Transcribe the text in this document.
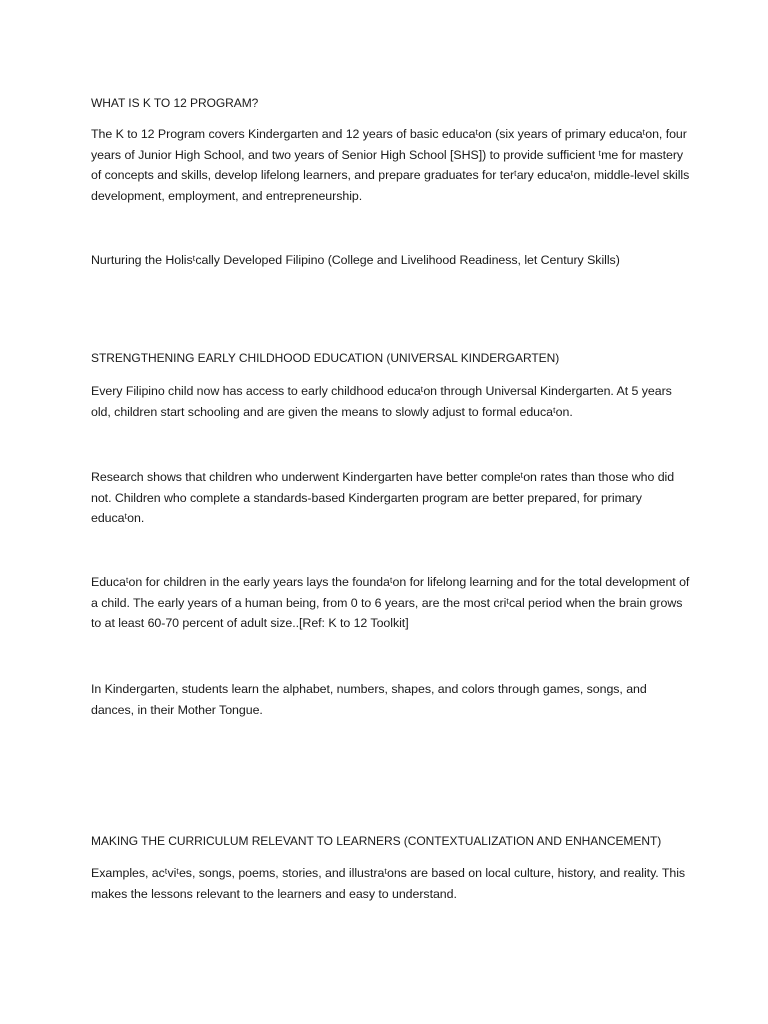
WHAT IS K TO 12 PROGRAM?

The K to 12 Program covers Kindergarten and 12 years of basic educaᵗon (six years of primary educaᵗon, four years of Junior High School, and two years of Senior High School [SHS]) to provide sufficient ᵗme for mastery of concepts and skills, develop lifelong learners, and prepare graduates for terᵗary educaᵗon, middle-level skills development, employment, and entrepreneurship.

Nurturing the Holisᵗcally Developed Filipino (College and Livelihood Readiness, let Century Skills)

STRENGTHENING EARLY CHILDHOOD EDUCATION (UNIVERSAL KINDERGARTEN)

Every Filipino child now has access to early childhood educaᵗon through Universal Kindergarten. At 5 years old, children start schooling and are given the means to slowly adjust to formal educaᵗon.

Research shows that children who underwent Kindergarten have better compleᵗon rates than those who did not. Children who complete a standards-based Kindergarten program are better prepared, for primary educaᵗon.

Educaᵗon for children in the early years lays the foundaᵗon for lifelong learning and for the total development of a child. The early years of a human being, from 0 to 6 years, are the most criᵗcal period when the brain grows to at least 60-70 percent of adult size..[Ref: K to 12 Toolkit]

In Kindergarten, students learn the alphabet, numbers, shapes, and colors through games, songs, and dances, in their Mother Tongue.

MAKING THE CURRICULUM RELEVANT TO LEARNERS (CONTEXTUALIZATION AND ENHANCEMENT)

Examples, acᵗviᵗes, songs, poems, stories, and illustraᵗons are based on local culture, history, and reality. This makes the lessons relevant to the learners and easy to understand.
